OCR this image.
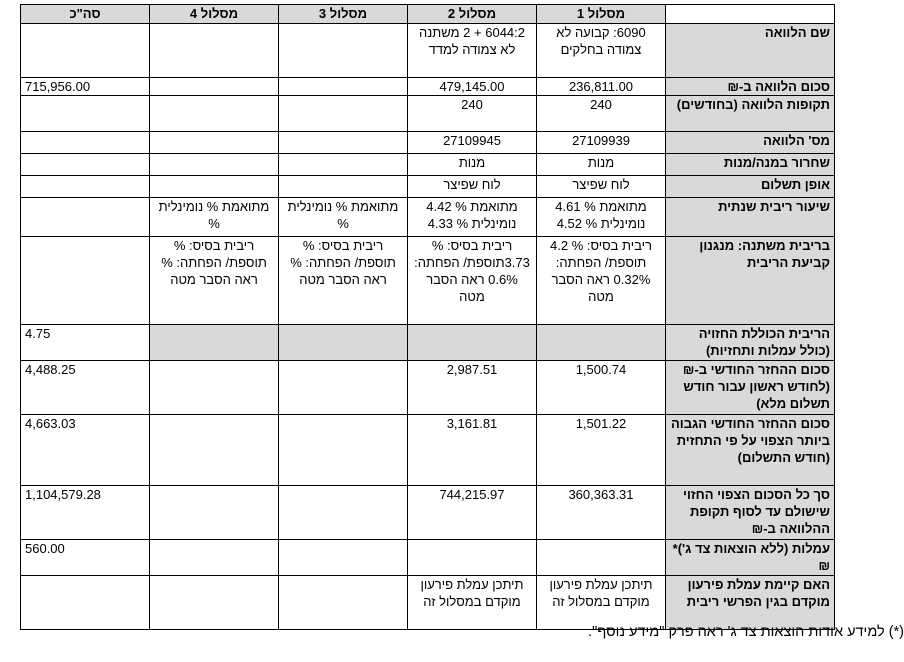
	מסלול 1	מסלול 2	מסלול 3	מסלול 4	סה"כ
שם הלוואה	6090: קבועה לא צמודה בחלקים	6044:2 + 2 משתנה לא צמודה למדד			
סכום הלוואה ב-₪	236,811.00	479,145.00			715,956.00
תקופות הלוואה (בחודשים)	240	240			
מס' הלוואה	27109939	27109945			
שחרור במנה/מנות	מנות	מנות			
אופן תשלום	לוח שפיצר	לוח שפיצר			
שיעור ריבית שנתית	מתואמת % 4.61 נומינלית % 4.52	מתואמת % 4.42 נומינלית % 4.33	מתואמת % נומינלית %	מתואמת % נומינלית %	
בריבית משתנה: מנגנון קביעת הריבית	ריבית בסיס: % 4.2 תוספת/ הפחתה: 0.32% ראה הסבר מטה	ריבית בסיס: % 3.73תוספת/ הפחתה: 0.6% ראה הסבר מטה	ריבית בסיס: % תוספת/ הפחתה: % ראה הסבר מטה	ריבית בסיס: % תוספת/ הפחתה: % ראה הסבר מטה	
הריבית הכוללת החזויה (כולל עמלות ותחזיות)					4.75
סכום ההחזר החודשי ב-₪ (לחודש ראשון עבור חודש תשלום מלא)	1,500.74	2,987.51			4,488.25
סכום ההחזר החודשי הגבוה ביותר הצפוי על פי התחזית (חודש התשלום)	1,501.22	3,161.81			4,663.03
סך כל הסכום הצפוי החזוי שישולם עד לסוף תקופת ההלוואה ב-₪	360,363.31	744,215.97			1,104,579.28
עמלות (ללא הוצאות צד ג')* ₪					560.00
האם קיימת עמלת פירעון מוקדם בגין הפרשי ריבית	תיתכן עמלת פירעון מוקדם במסלול זה	תיתכן עמלת פירעון מוקדם במסלול זה			
(*) למידע אודות הוצאות צד ג' ראה פרק "מידע נוסף".
